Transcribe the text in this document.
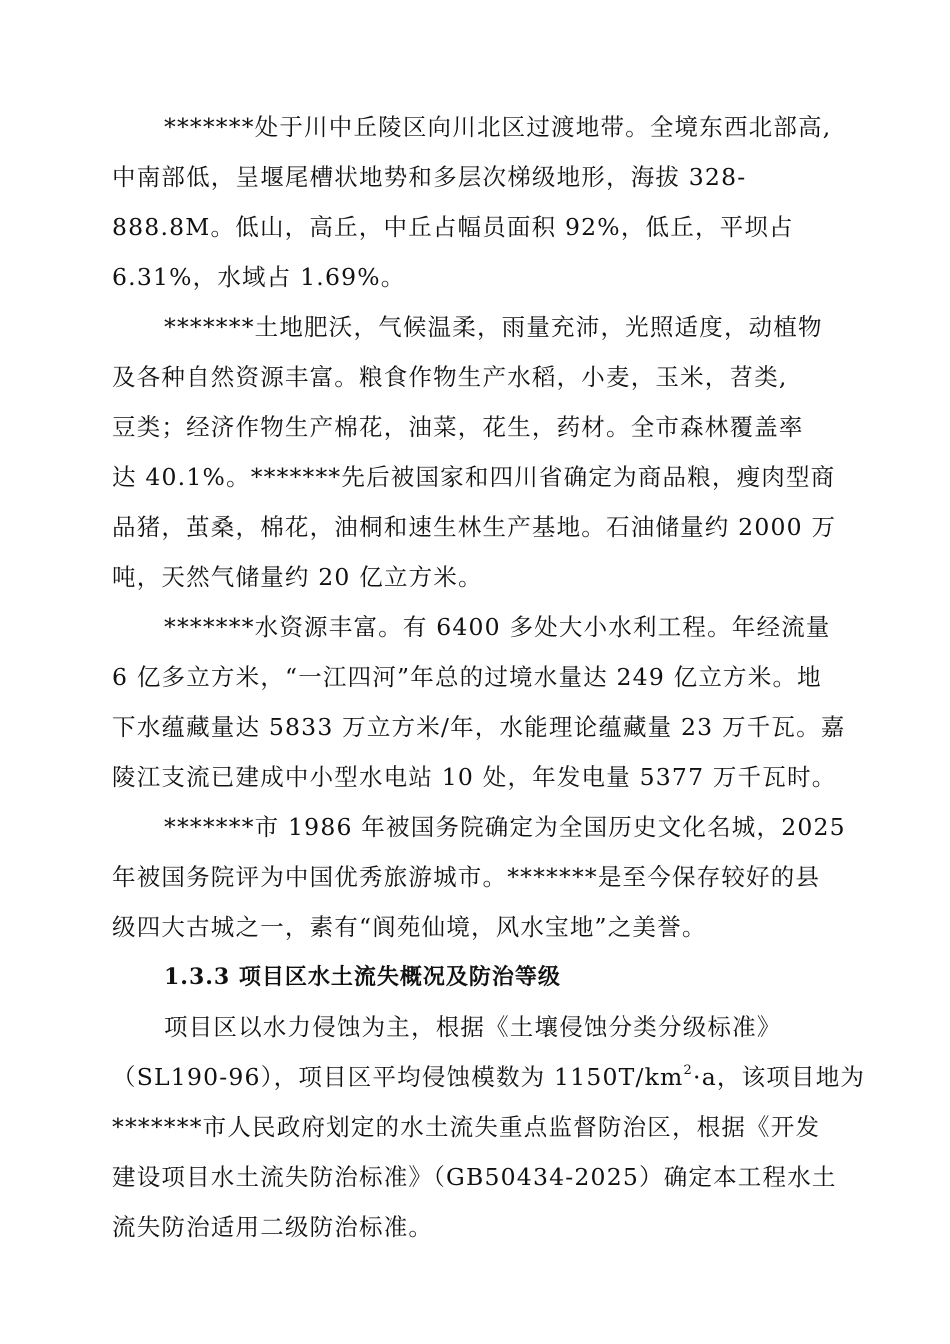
*******处于川中丘陵区向川北区过渡地带。全境东西北部高,
中南部低，呈堰尾槽状地势和多层次梯级地形，海拔 328-
888.8M。低山，高丘，中丘占幅员面积 92%，低丘，平坝占
6.31%，水域占 1.69%。

*******土地肥沃，气候温柔，雨量充沛，光照适度，动植物
及各种自然资源丰富。粮食作物生产水稻，小麦，玉米，苕类,
豆类；经济作物生产棉花，油菜，花生，药材。全市森林覆盖率
达 40.1%。*******先后被国家和四川省确定为商品粮，瘦肉型商
品猪，茧桑，棉花，油桐和速生林生产基地。石油储量约 2000 万
吨，天然气储量约 20 亿立方米。

*******水资源丰富。有 6400 多处大小水利工程。年经流量
6 亿多立方米，“一江四河”年总的过境水量达 249 亿立方米。地
下水蕴藏量达 5833 万立方米/年，水能理论蕴藏量 23 万千瓦。嘉
陵江支流已建成中小型水电站 10 处，年发电量 5377 万千瓦时。

*******市 1986 年被国务院确定为全国历史文化名城，2025
年被国务院评为中国优秀旅游城市。*******是至今保存较好的县
级四大古城之一，素有“阆苑仙境，风水宝地”之美誉。

1.3.3 项目区水土流失概况及防治等级

项目区以水力侵蚀为主，根据《土壤侵蚀分类分级标准》
（SL190-96），项目区平均侵蚀模数为 $1150T/km^2\cdot a$，该项目地为
*******市人民政府划定的水土流失重点监督防治区，根据《开发
建设项目水土流失防治标准》（GB50434-2025）确定本工程水土
流失防治适用二级防治标准。
